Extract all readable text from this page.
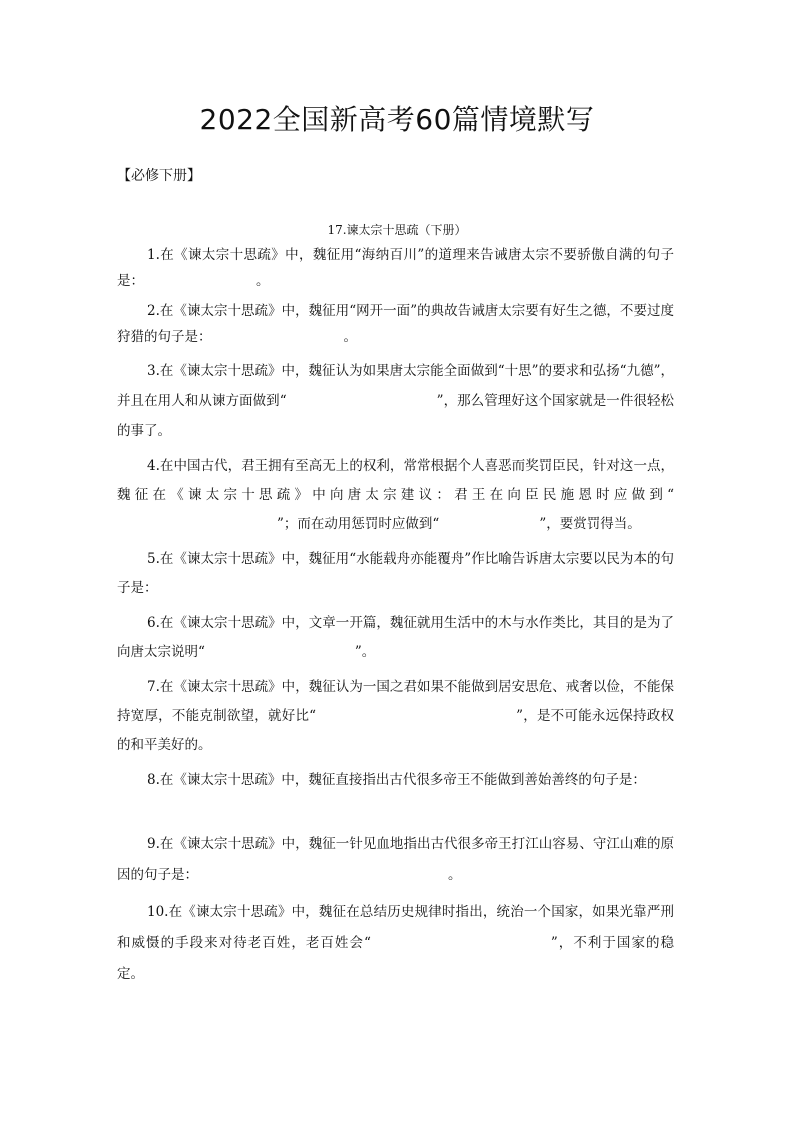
2022全国新高考60篇情境默写
【必修下册】
17.谏太宗十思疏（下册）

1.在《谏太宗十思疏》中，魏征用“海纳百川”的道理来告诫唐太宗不要骄傲自满的句子是：	。

2.在《谏太宗十思疏》中，魏征用“网开一面”的典故告诫唐太宗要有好生之德，不要过度狩猎的句子是：	。

3.在《谏太宗十思疏》中，魏征认为如果唐太宗能全面做到“十思”的要求和弘扬“九德”，并且在用人和从谏方面做到“	”，那么管理好这个国家就是一件很轻松的事了。

4.在中国古代，君王拥有至高无上的权利，常常根据个人喜恶而奖罚臣民，针对这一点，魏征在《谏太宗十思疏》中向唐太宗建议：君王在向臣民施恩时应做到“”；而在动用惩罚时应做到“	”，要赏罚得当。

5.在《谏太宗十思疏》中，魏征用“水能载舟亦能覆舟”作比喻告诉唐太宗要以民为本的句子是：

6.在《谏太宗十思疏》中，文章一开篇，魏征就用生活中的木与水作类比，其目的是为了向唐太宗说明“	”。

7.在《谏太宗十思疏》中，魏征认为一国之君如果不能做到居安思危、戒奢以俭，不能保持宽厚，不能克制欲望，就好比“	”，是不可能永远保持政权的和平美好的。

8.在《谏太宗十思疏》中，魏征直接指出古代很多帝王不能做到善始善终的句子是：

9.在《谏太宗十思疏》中，魏征一针见血地指出古代很多帝王打江山容易、守江山难的原因的句子是：	。

10.在《谏太宗十思疏》中，魏征在总结历史规律时指出，统治一个国家，如果光靠严刑和威慑的手段来对待老百姓，老百姓会“	”，不利于国家的稳定。
